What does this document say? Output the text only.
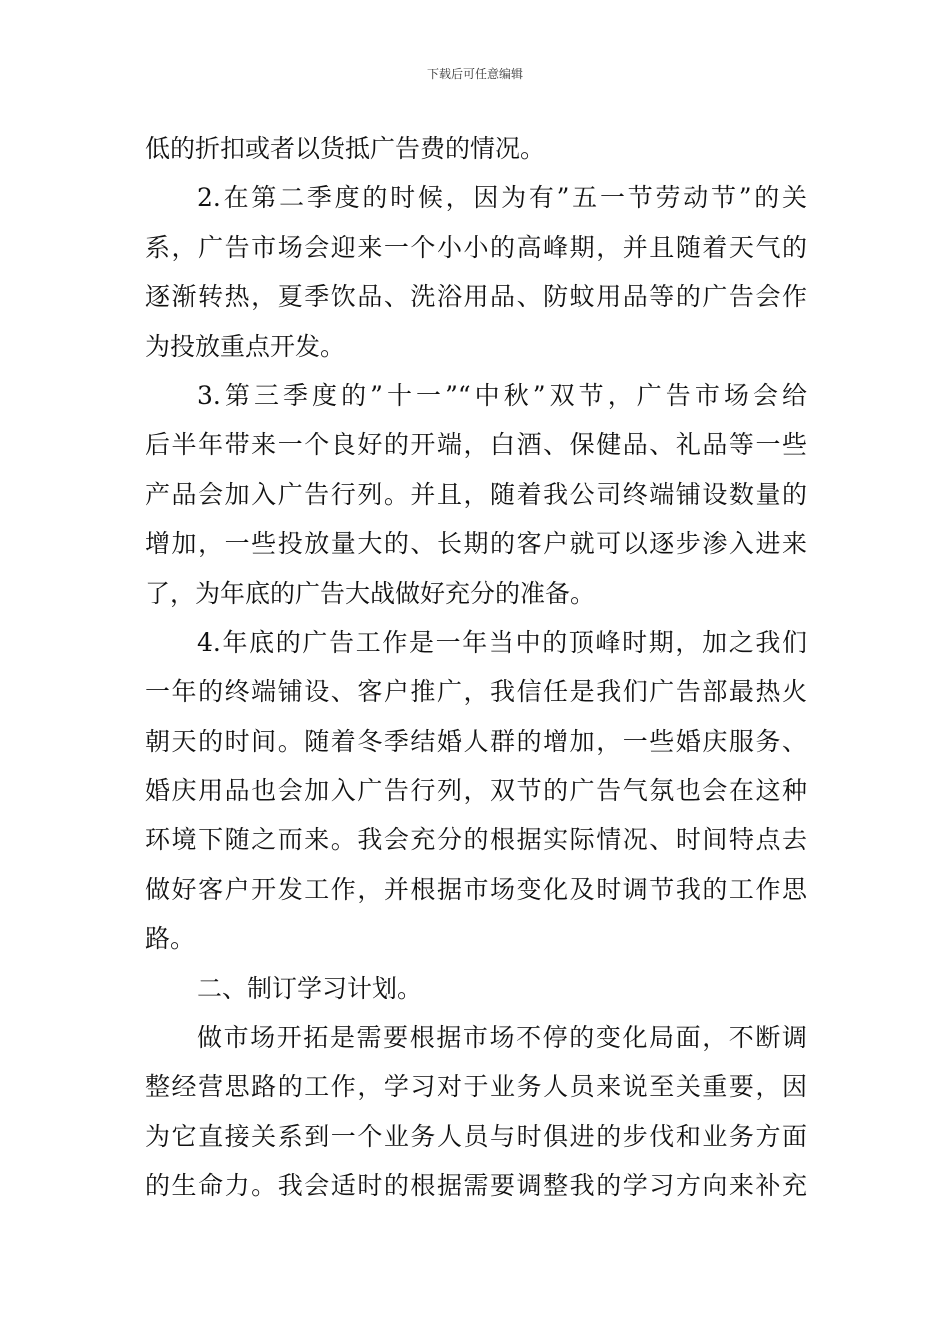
下载后可任意编辑
低的折扣或者以货抵广告费的情况。
2.在第二季度的时候，因为有”五一节劳动节”的关
系，广告市场会迎来一个小小的高峰期，并且随着天气的
逐渐转热，夏季饮品、洗浴用品、防蚊用品等的广告会作
为投放重点开发。
3.第三季度的”十一”“中秋”双节，广告市场会给
后半年带来一个良好的开端，白酒、保健品、礼品等一些
产品会加入广告行列。并且，随着我公司终端铺设数量的
增加，一些投放量大的、长期的客户就可以逐步渗入进来
了，为年底的广告大战做好充分的准备。
4.年底的广告工作是一年当中的顶峰时期，加之我们
一年的终端铺设、客户推广，我信任是我们广告部最热火
朝天的时间。随着冬季结婚人群的增加，一些婚庆服务、
婚庆用品也会加入广告行列，双节的广告气氛也会在这种
环境下随之而来。我会充分的根据实际情况、时间特点去
做好客户开发工作，并根据市场变化及时调节我的工作思
路。
二、制订学习计划。
做市场开拓是需要根据市场不停的变化局面，不断调
整经营思路的工作，学习对于业务人员来说至关重要，因
为它直接关系到一个业务人员与时俱进的步伐和业务方面
的生命力。我会适时的根据需要调整我的学习方向来补充
